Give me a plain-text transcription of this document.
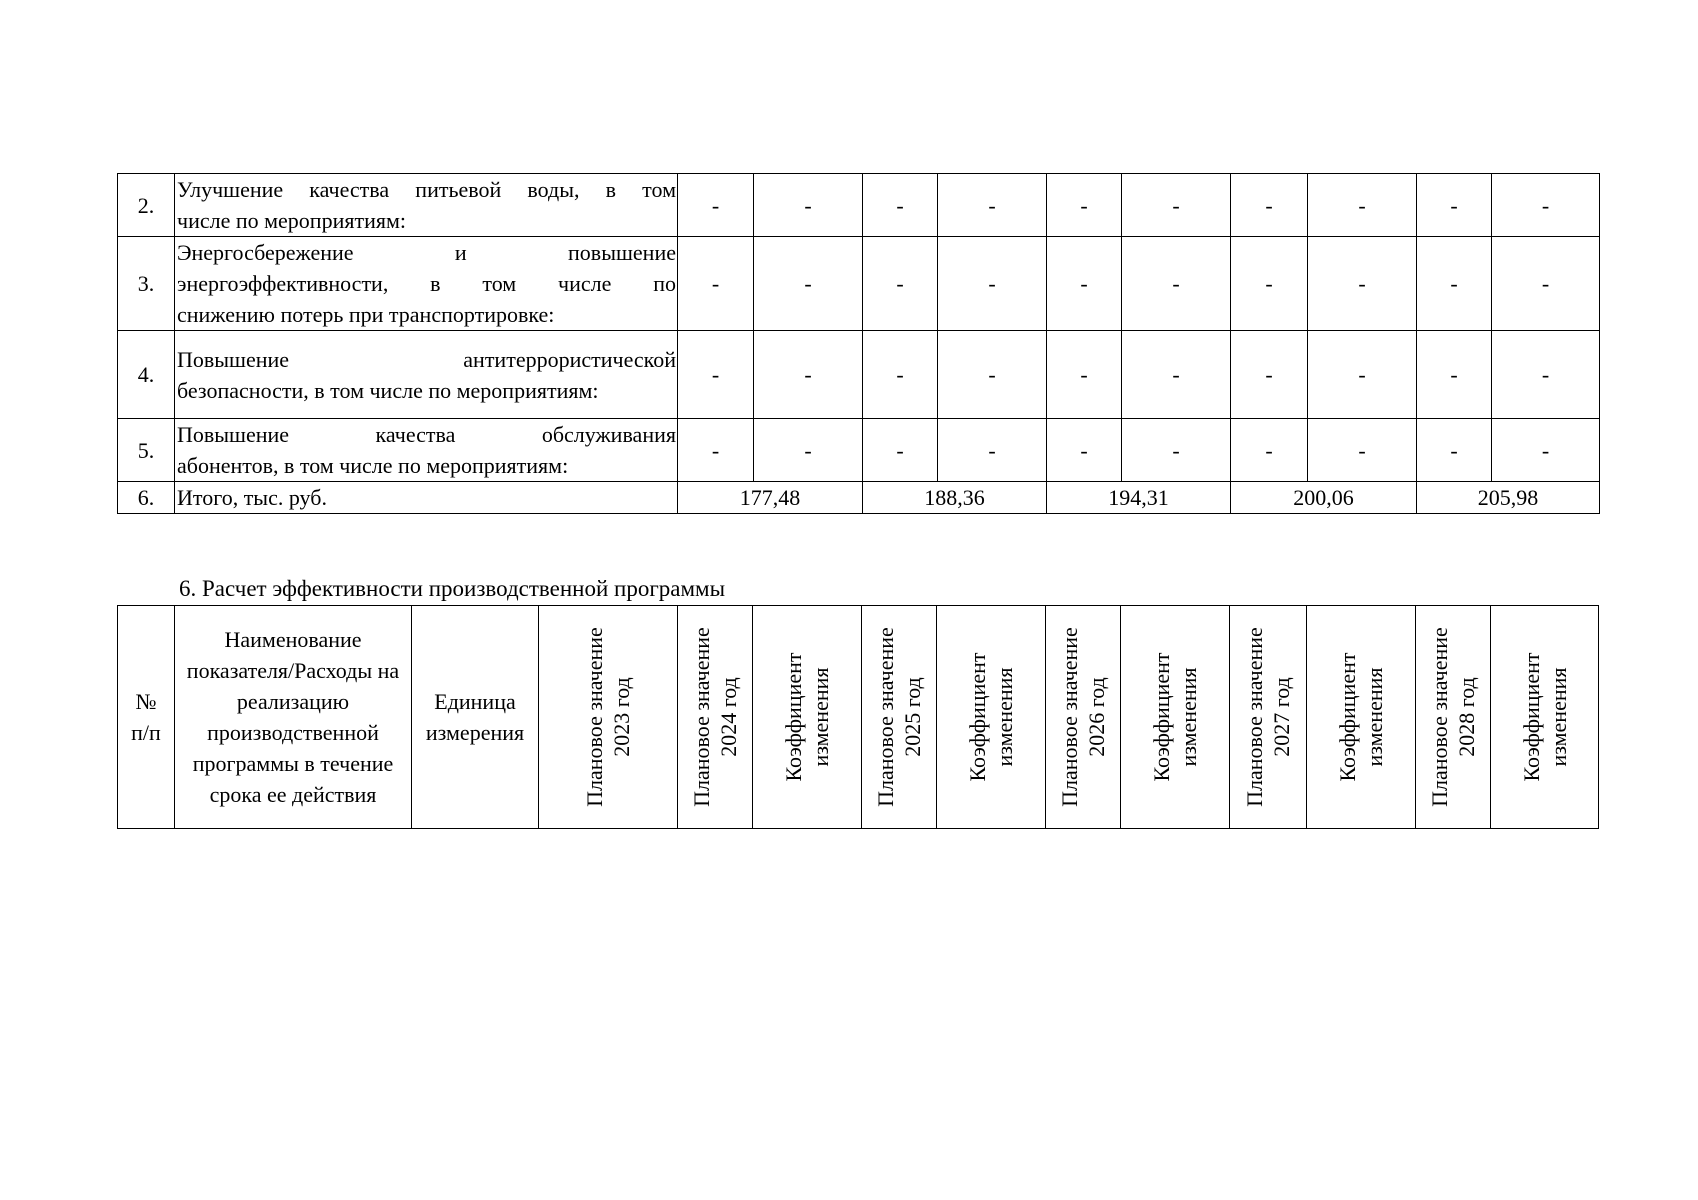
2.	Улучшение качества питьевой воды, в том
числе по мероприятиям:	-	-	-	-	-	-	-	-	-	-
3.	Энергосбережение и повышение
энергоэффективности, в том числе по
снижению потерь при транспортировке:	-	-	-	-	-	-	-	-	-	-
4.	Повышение антитеррористической
безопасности, в том числе по мероприятиям:	-	-	-	-	-	-	-	-	-	-
5.	Повышение качества обслуживания
абонентов, в том числе по мероприятиям:	-	-	-	-	-	-	-	-	-	-
6.	Итого, тыс. руб.	177,48		188,36		194,31		200,06		205,98	
6. Расчет эффективности производственной программы
№ п/п	Наименование показателя/Расходы на реализацию производственной программы в течение срока ее действия	Единица измерения	Плановое значение 2023 год	Плановое значение 2024 год	Коэффициент изменения	Плановое значение 2025 год	Коэффициент изменения	Плановое значение 2026 год	Коэффициент изменения	Плановое значение 2027 год	Коэффициент изменения	Плановое значение 2028 год	Коэффициент изменения
